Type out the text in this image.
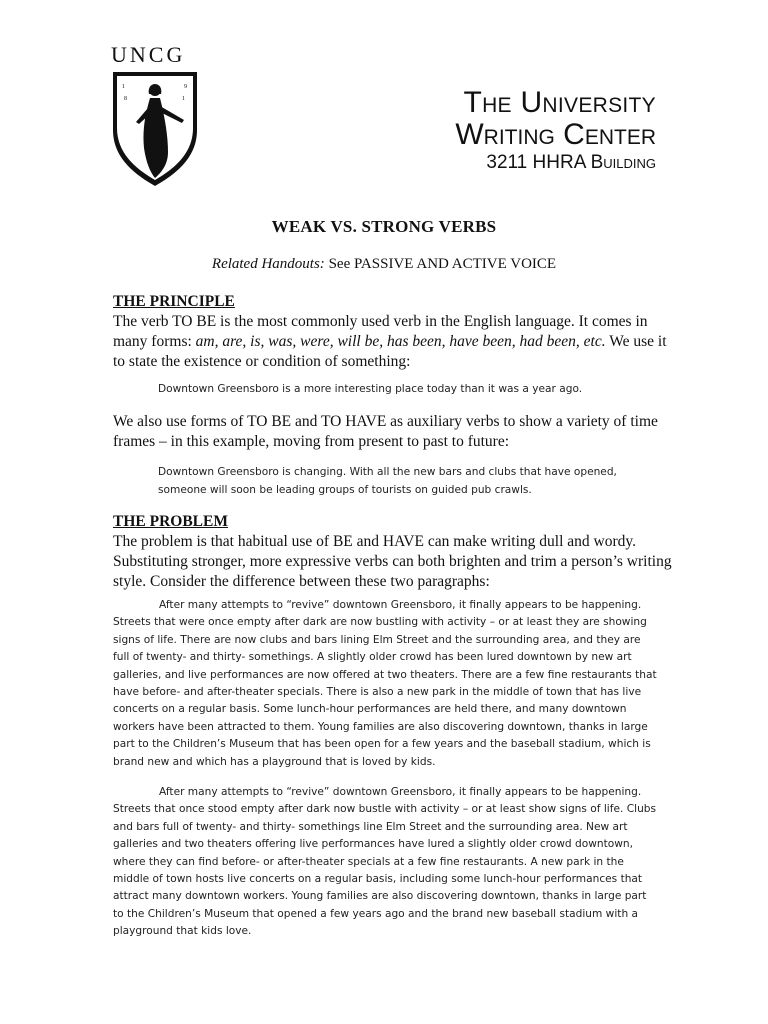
UNCG
1
8
9
1	The University
Writing Center
3211 HHRA Building
WEAK VS. STRONG VERBS
Related Handouts: See PASSIVE AND ACTIVE VOICE
THE PRINCIPLE
The verb TO BE is the most commonly used verb in the English language. It comes in many forms: am, are, is, was, were, will be, has been, have been, had been, etc. We use it to state the existence or condition of something:
Downtown Greensboro is a more interesting place today than it was a year ago.
We also use forms of TO BE and TO HAVE as auxiliary verbs to show a variety of time frames – in this example, moving from present to past to future:
Downtown Greensboro is changing. With all the new bars and clubs that have opened, someone will soon be leading groups of tourists on guided pub crawls.
THE PROBLEM
The problem is that habitual use of BE and HAVE can make writing dull and wordy. Substituting stronger, more expressive verbs can both brighten and trim a person’s writing style. Consider the difference between these two paragraphs:

After many attempts to “revive” downtown Greensboro, it finally appears to be happening. Streets that were once empty after dark are now bustling with activity – or at least they are showing signs of life. There are now clubs and bars lining Elm Street and the surrounding area, and they are full of twenty- and thirty- somethings. A slightly older crowd has been lured downtown by new art galleries, and live performances are now offered at two theaters. There are a few fine restaurants that have before- and after-theater specials. There is also a new park in the middle of town that has live concerts on a regular basis. Some lunch-hour performances are held there, and many downtown workers have been attracted to them. Young families are also discovering downtown, thanks in large part to the Children’s Museum that has been open for a few years and the baseball stadium, which is brand new and which has a playground that is loved by kids.

After many attempts to “revive” downtown Greensboro, it finally appears to be happening. Streets that once stood empty after dark now bustle with activity – or at least show signs of life. Clubs and bars full of twenty- and thirty- somethings line Elm Street and the surrounding area. New art galleries and two theaters offering live performances have lured a slightly older crowd downtown, where they can find before- or after-theater specials at a few fine restaurants. A new park in the middle of town hosts live concerts on a regular basis, including some lunch-hour performances that attract many downtown workers. Young families are also discovering downtown, thanks in large part to the Children’s Museum that opened a few years ago and the brand new baseball stadium with a playground that kids love.
